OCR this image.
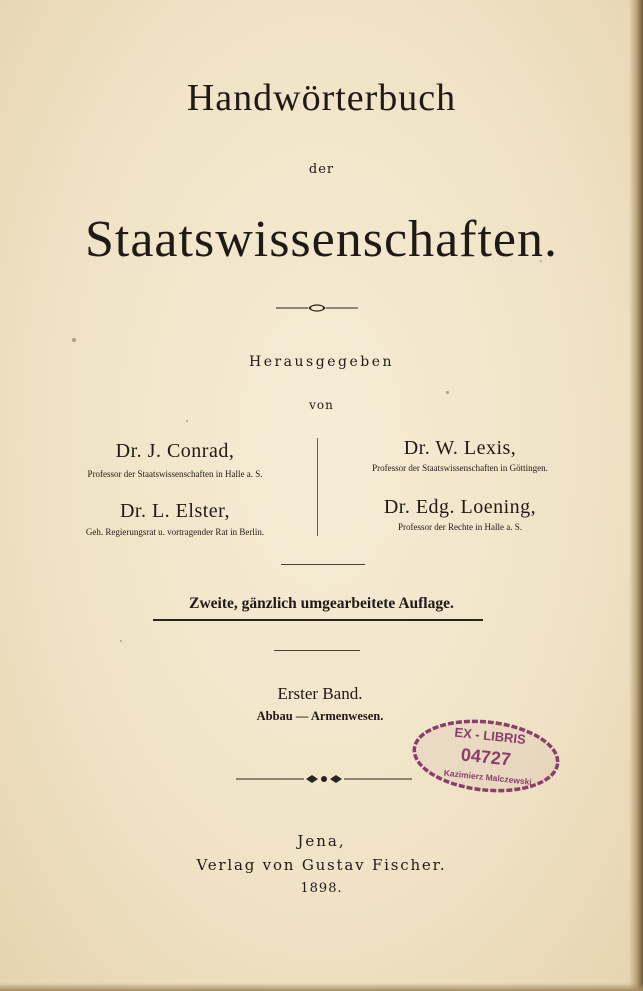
Handwörterbuch
der
Staatswissenschaften.
Herausgegeben
von
Dr. J. Conrad,
Professor der Staatswissenschaften in Halle a. S.
Dr. W. Lexis,
Professor der Staatswissenschaften in Göttingen.
Dr. L. Elster,
Geh. Regierungsrat u. vortragender Rat in Berlin.
Dr. Edg. Loening,
Professor der Rechte in Halle a. S.
Zweite, gänzlich umgearbeitete Auflage.
Erster Band.
Abbau — Armenwesen.
EX - LIBRIS
04727
Kazimierz Malczewski
Jena,
Verlag von Gustav Fischer.
1898.
